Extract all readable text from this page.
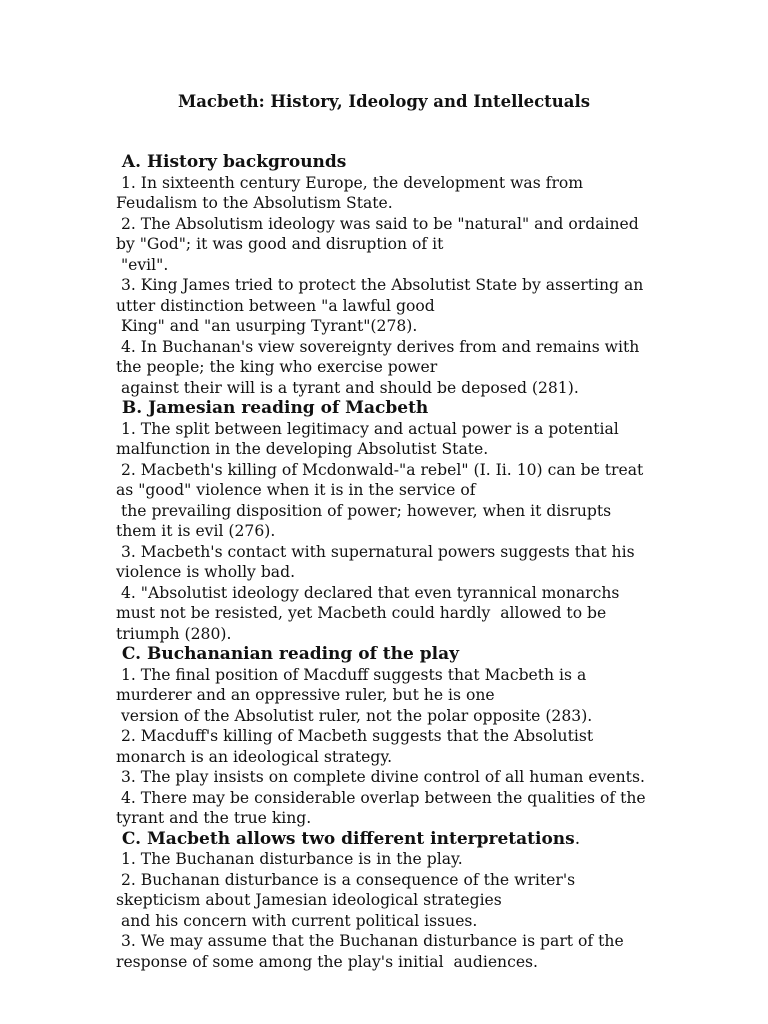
Macbeth: History, Ideology and Intellectuals

A. History backgrounds

1. In sixteenth century Europe, the development was from
Feudalism to the Absolutism State.
2. The Absolutism ideology was said to be "natural" and ordained
by "God"; it was good and disruption of it
"evil".
3. King James tried to protect the Absolutist State by asserting an
utter distinction between "a lawful good
King" and "an usurping Tyrant"(278).
4. In Buchanan's view sovereignty derives from and remains with
the people; the king who exercise power
against their will is a tyrant and should be deposed (281).

B. Jamesian reading of Macbeth

1. The split between legitimacy and actual power is a potential
malfunction in the developing Absolutist State.
2. Macbeth's killing of Mcdonwald-"a rebel" (I. Ii. 10) can be treat
as "good" violence when it is in the service of
the prevailing disposition of power; however, when it disrupts
them it is evil (276).
3. Macbeth's contact with supernatural powers suggests that his
violence is wholly bad.
4. "Absolutist ideology declared that even tyrannical monarchs
must not be resisted, yet Macbeth could hardly  allowed to be
triumph (280).

C. Buchananian reading of the play

1. The final position of Macduff suggests that Macbeth is a
murderer and an oppressive ruler, but he is one
version of the Absolutist ruler, not the polar opposite (283).
2. Macduff's killing of Macbeth suggests that the Absolutist
monarch is an ideological strategy.
3. The play insists on complete divine control of all human events.
4. There may be considerable overlap between the qualities of the
tyrant and the true king.

C. Macbeth allows two different interpretations.

1. The Buchanan disturbance is in the play.
2. Buchanan disturbance is a consequence of the writer's
skepticism about Jamesian ideological strategies
and his concern with current political issues.
3. We may assume that the Buchanan disturbance is part of the
response of some among the play's initial  audiences.
